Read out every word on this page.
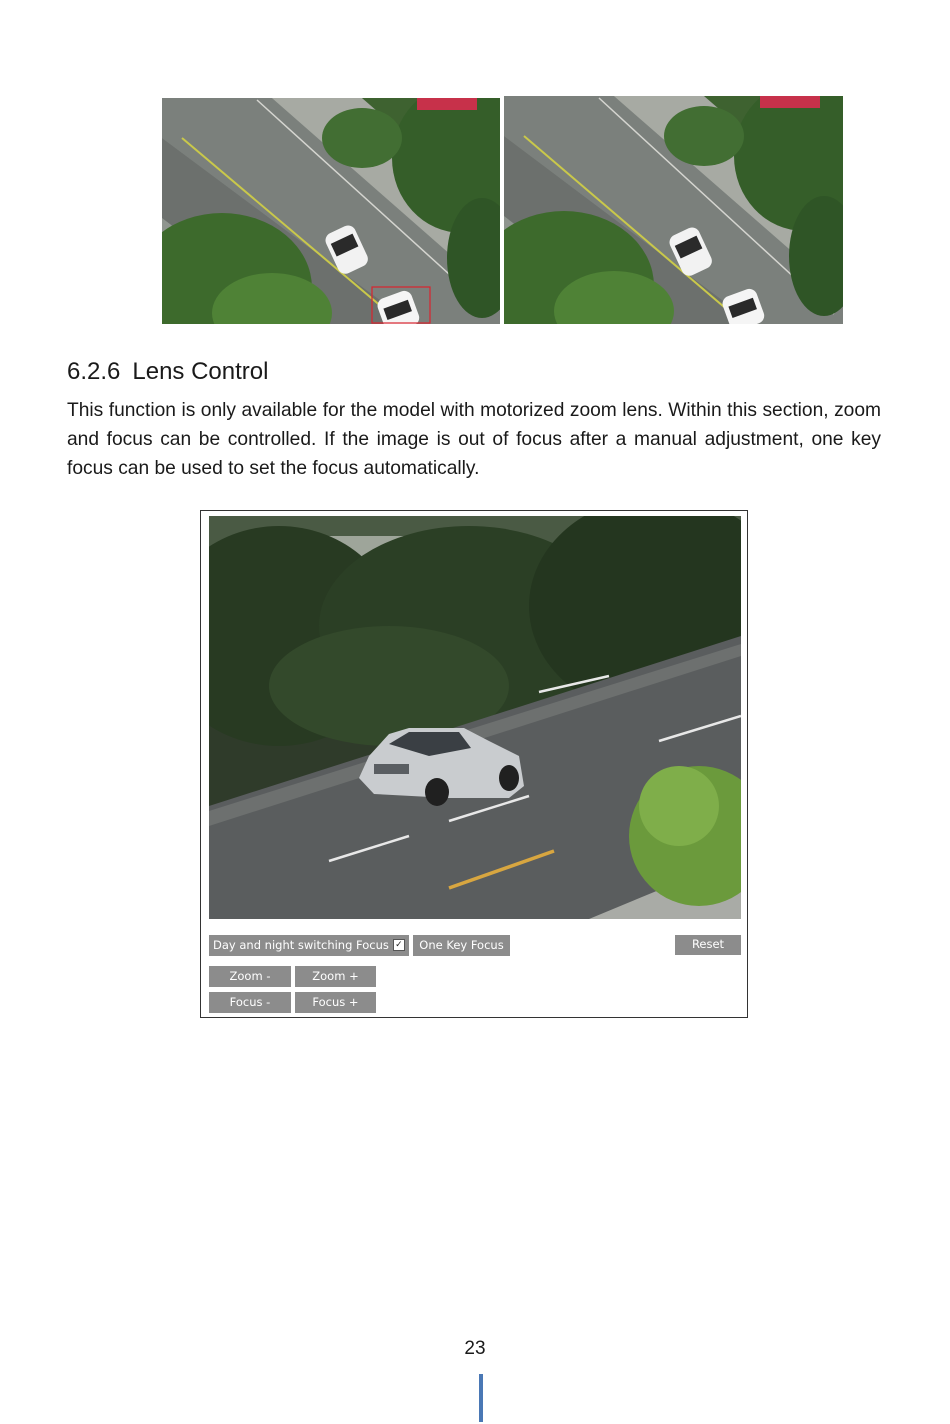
6.2.6 Lens Control
This function is only available for the model with motorized zoom lens. Within this section, zoom and focus can be controlled. If the image is out of focus after a manual adjustment, one key focus can be used to set the focus automatically.
Day and night switching Focus ✓	One Key Focus	Reset
Zoom -	Zoom +
Focus -	Focus +
23
